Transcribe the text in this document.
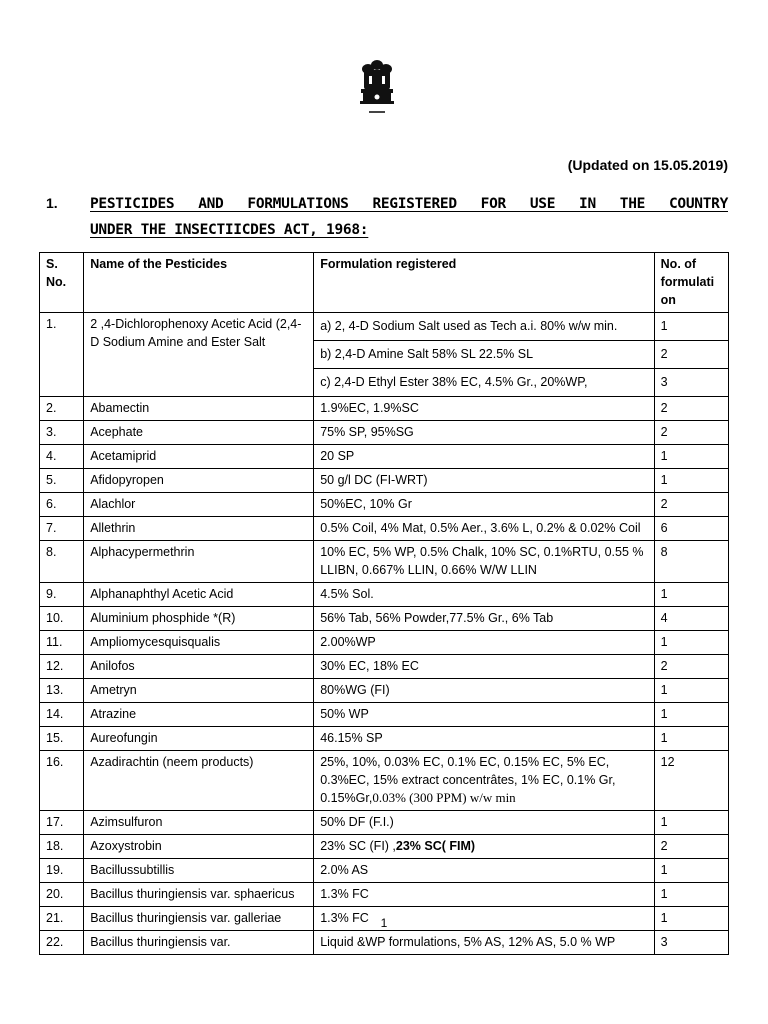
(Updated on 15.05.2019)
1. PESTICIDES AND FORMULATIONS REGISTERED FOR USE IN THE COUNTRY
UNDER THE INSECTIICDES ACT, 1968:
S. No.	Name of the Pesticides	Formulation registered	No. of formulati on
1.	2 ,4-Dichlorophenoxy Acetic Acid (2,4-D Sodium Amine and Ester Salt	a) 2, 4-D Sodium Salt used as Tech a.i. 80% w/w min.	1
		b) 2,4-D Amine Salt 58% SL 22.5% SL	2
		c) 2,4-D Ethyl Ester 38% EC, 4.5% Gr., 20%WP,	3
2.	Abamectin	1.9%EC, 1.9%SC	2
3.	Acephate	75% SP, 95%SG	2
4.	Acetamiprid	20 SP	1
5.	Afidopyropen	50 g/l DC (FI-WRT)	1
6.	Alachlor	50%EC, 10% Gr	2
7.	Allethrin	0.5% Coil, 4% Mat, 0.5% Aer., 3.6% L, 0.2% & 0.02% Coil	6
8.	Alphacypermethrin	10% EC, 5% WP, 0.5% Chalk, 10% SC, 0.1%RTU, 0.55 % LLIBN, 0.667% LLIN, 0.66% W/W LLIN	8
9.	Alphanaphthyl Acetic Acid	4.5% Sol.	1
10.	Aluminium phosphide *(R)	56% Tab, 56% Powder,77.5% Gr., 6% Tab	4
11.	Ampliomycesquisqualis	2.00%WP	1
12.	Anilofos	30% EC, 18% EC	2
13.	Ametryn	80%WG (FI)	1
14.	Atrazine	50% WP	1
15.	Aureofungin	46.15% SP	1
16.	Azadirachtin (neem products)	25%, 10%, 0.03% EC, 0.1% EC, 0.15% EC, 5% EC, 0.3%EC, 15% extract concentrâtes, 1% EC, 0.1% Gr, 0.15%Gr,0.03% (300 PPM) w/w min	12
17.	Azimsulfuron	50% DF (F.I.)	1
18.	Azoxystrobin	23% SC (FI) ,23% SC( FIM)	2
19.	Bacillussubtillis	2.0% AS	1
20.	Bacillus thuringiensis var. sphaericus	1.3% FC	1
21.	Bacillus thuringiensis var. galleriae	1.3% FC	1
22.	Bacillus thuringiensis var.	Liquid &WP formulations, 5% AS, 12% AS, 5.0 % WP	3
1
